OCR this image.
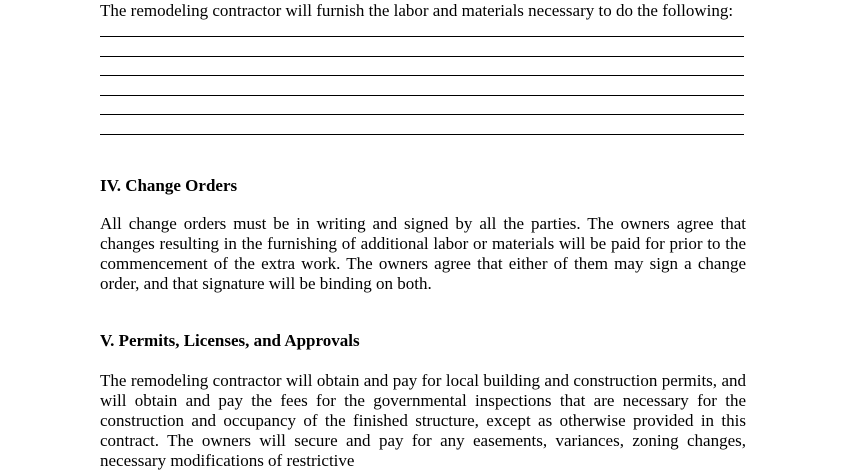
The remodeling contractor will furnish the labor and materials necessary to do the following:

IV. Change Orders

All change orders must be in writing and signed by all the parties. The owners agree that changes resulting in the furnishing of additional labor or materials will be paid for prior to the commencement of the extra work. The owners agree that either of them may sign a change order, and that signature will be binding on both.

V. Permits, Licenses, and Approvals

The remodeling contractor will obtain and pay for local building and construction permits, and will obtain and pay the fees for the governmental inspections that are necessary for the construction and occupancy of the finished structure, except as otherwise provided in this contract. The owners will secure and pay for any easements, variances, zoning changes, necessary modifications of restrictive
